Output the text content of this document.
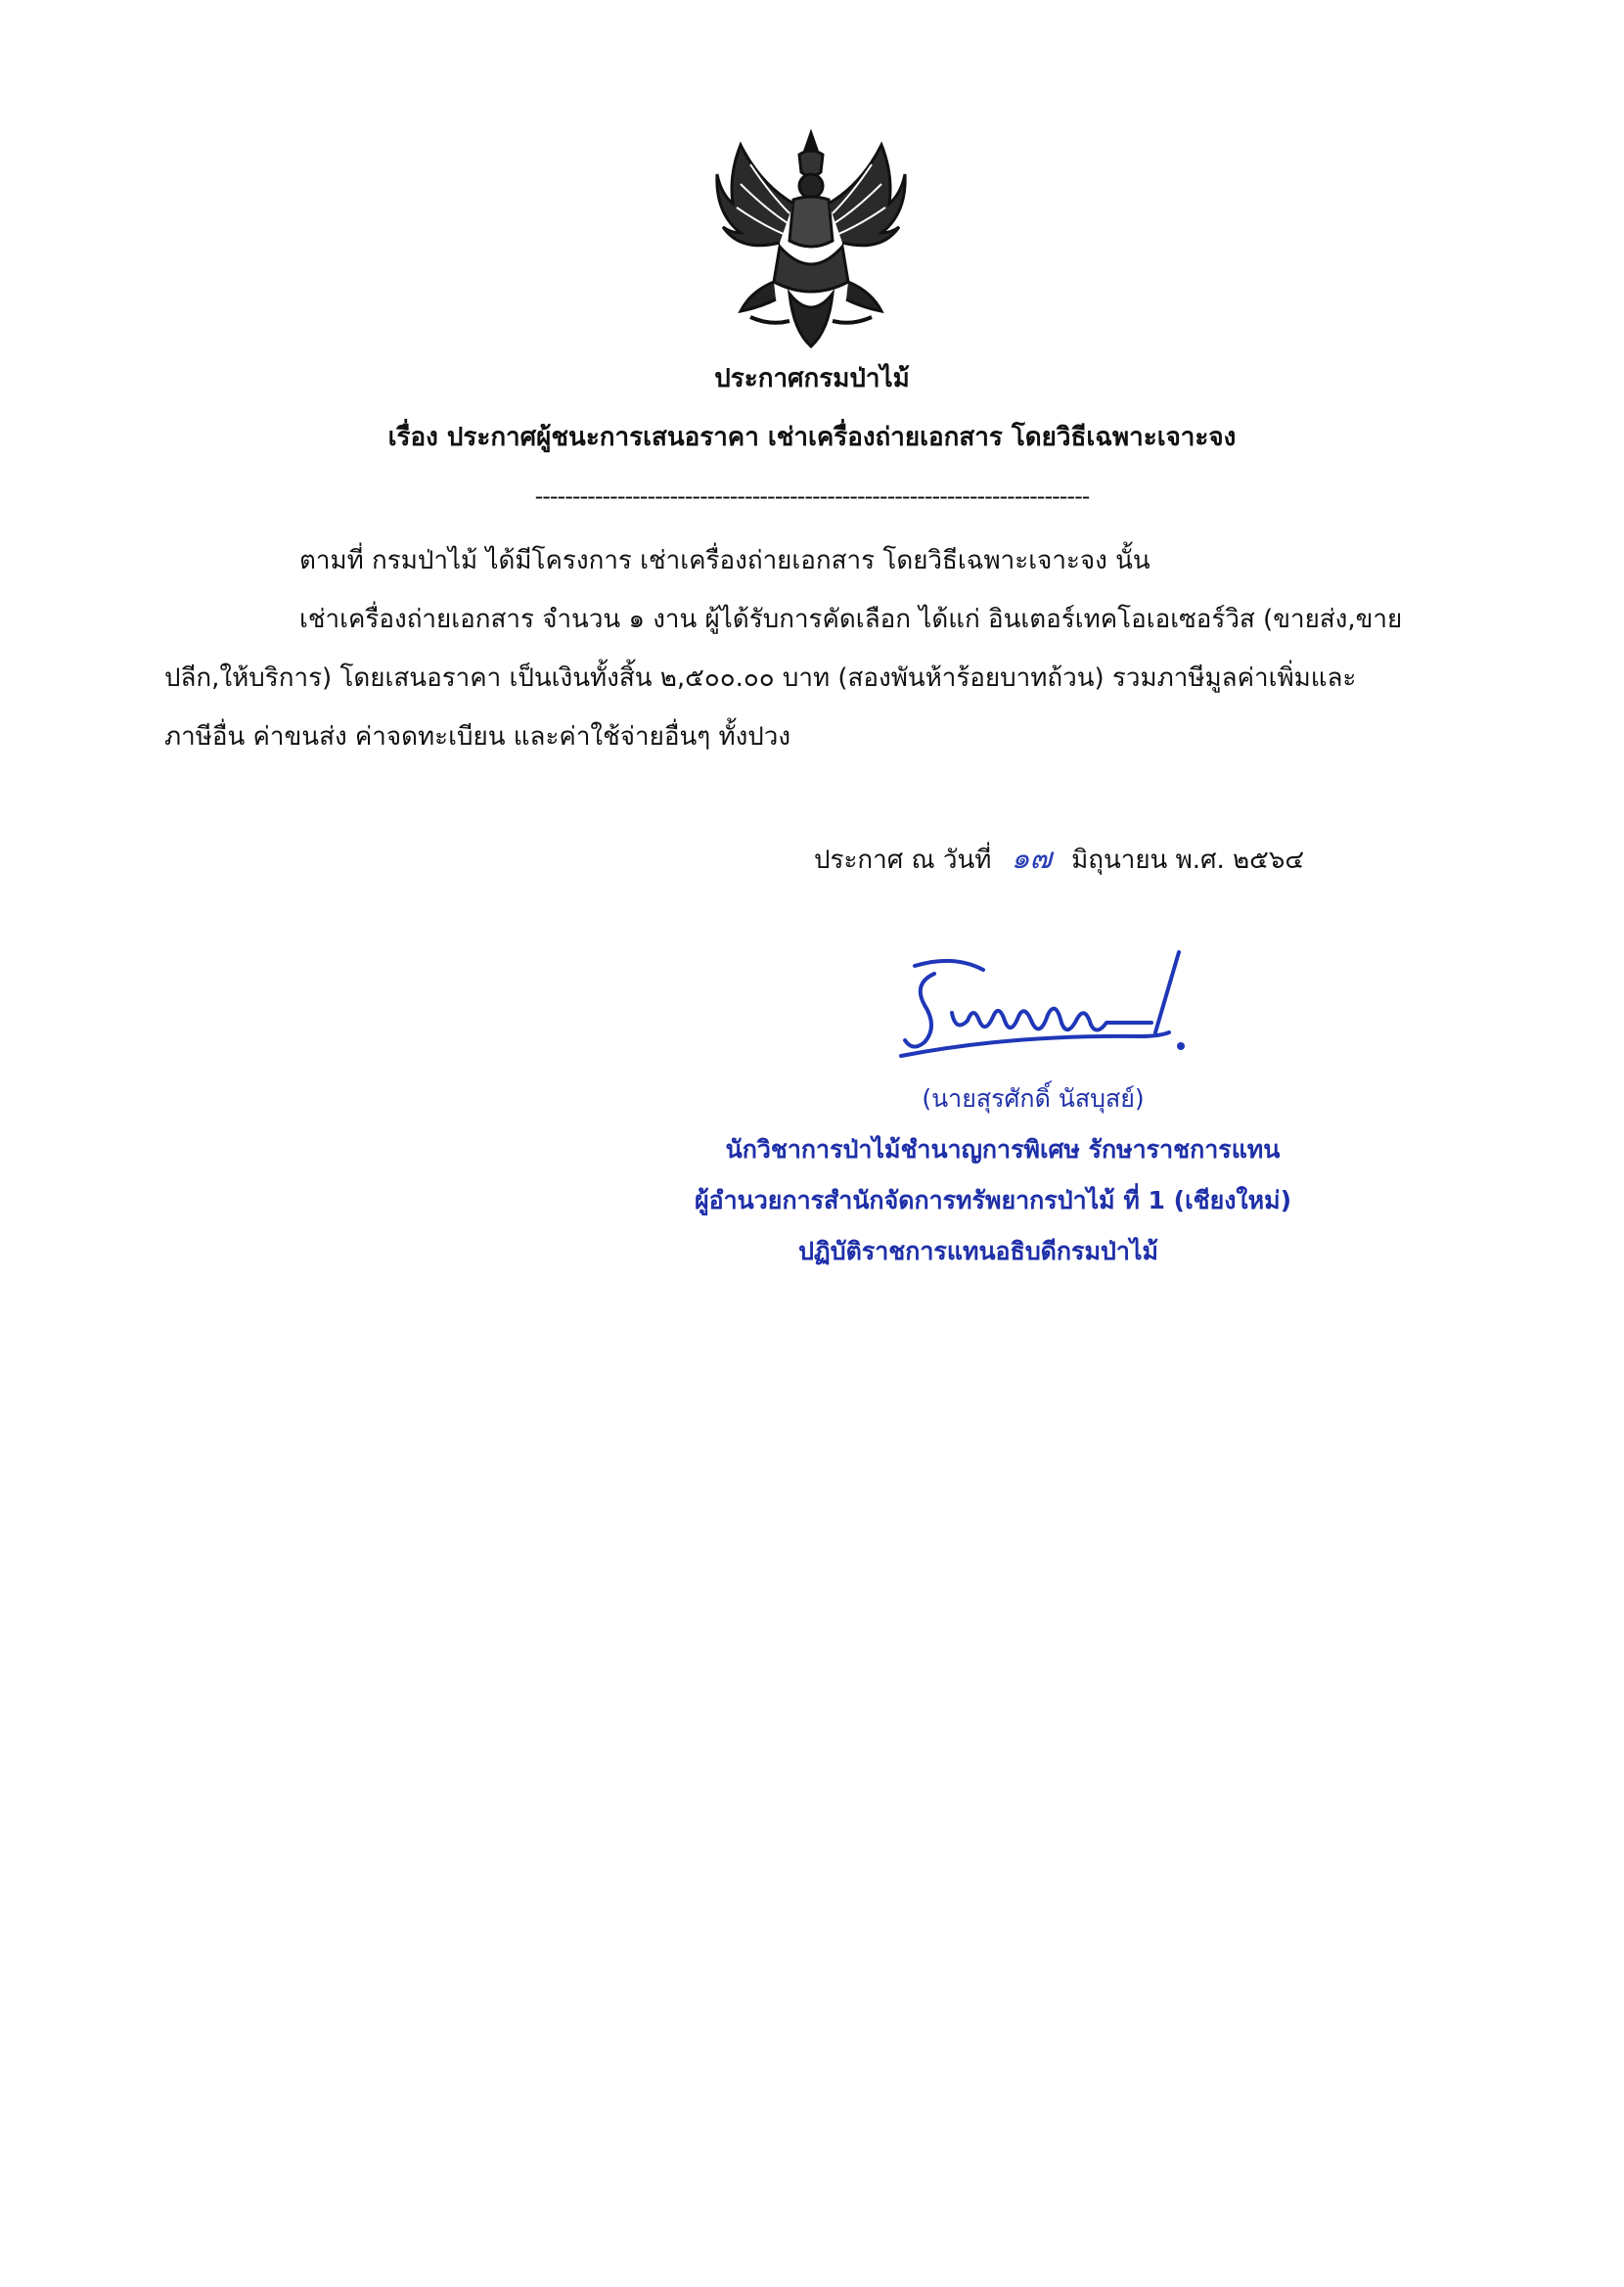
ประกาศกรมป่าไม้
เรื่อง ประกาศผู้ชนะการเสนอราคา เช่าเครื่องถ่ายเอกสาร โดยวิธีเฉพาะเจาะจง
--------------------------------------------------------------------------
ตามที่ กรมป่าไม้ ได้มีโครงการ เช่าเครื่องถ่ายเอกสาร โดยวิธีเฉพาะเจาะจง นั้น
เช่าเครื่องถ่ายเอกสาร จำนวน ๑ งาน ผู้ได้รับการคัดเลือก ได้แก่ อินเตอร์เทคโอเอเซอร์วิส (ขายส่ง,ขาย
ปลีก,ให้บริการ) โดยเสนอราคา เป็นเงินทั้งสิ้น ๒,๕๐๐.๐๐ บาท (สองพันห้าร้อยบาทถ้วน) รวมภาษีมูลค่าเพิ่มและ
ภาษีอื่น ค่าขนส่ง ค่าจดทะเบียน และค่าใช้จ่ายอื่นๆ ทั้งปวง
ประกาศ ณ วันที่ ๑๗ มิถุนายน พ.ศ. ๒๕๖๔
(นายสุรศักดิ์ นัสบุสย์)
นักวิชาการป่าไม้ชำนาญการพิเศษ รักษาราชการแทน
ผู้อำนวยการสำนักจัดการทรัพยากรป่าไม้ ที่ 1 (เชียงใหม่)
ปฏิบัติราชการแทนอธิบดีกรมป่าไม้
